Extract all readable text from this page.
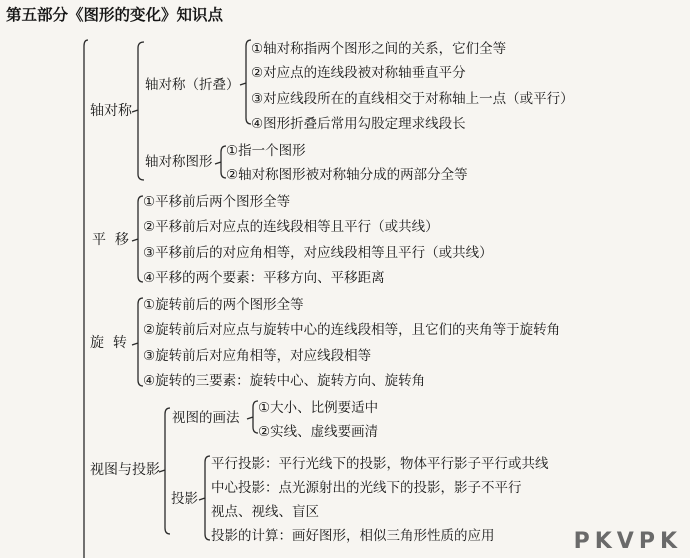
第五部分《图形的变化》知识点
轴对称
轴对称（折叠）
①轴对称指两个图形之间的关系，它们全等
②对应点的连线段被对称轴垂直平分
③对应线段所在的直线相交于对称轴上一点（或平行）
④图形折叠后常用勾股定理求线段长
轴对称图形
①指一个图形
②轴对称图形被对称轴分成的两部分全等
平  移
①平移前后两个图形全等
②平移前后对应点的连线段相等且平行（或共线）
③平移前后的对应角相等，对应线段相等且平行（或共线）
④平移的两个要素：平移方向、平移距离
旋  转
①旋转前后的两个图形全等
②旋转前后对应点与旋转中心的连线段相等，且它们的夹角等于旋转角
③旋转前后对应角相等，对应线段相等
④旋转的三要素：旋转中心、旋转方向、旋转角
视图与投影
视图的画法
①大小、比例要适中
②实线、虚线要画清
投影
平行投影：平行光线下的投影，物体平行影子平行或共线
中心投影：点光源射出的光线下的投影，影子不平行
视点、视线、盲区
投影的计算：画好图形，相似三角形性质的应用	PKVPK
